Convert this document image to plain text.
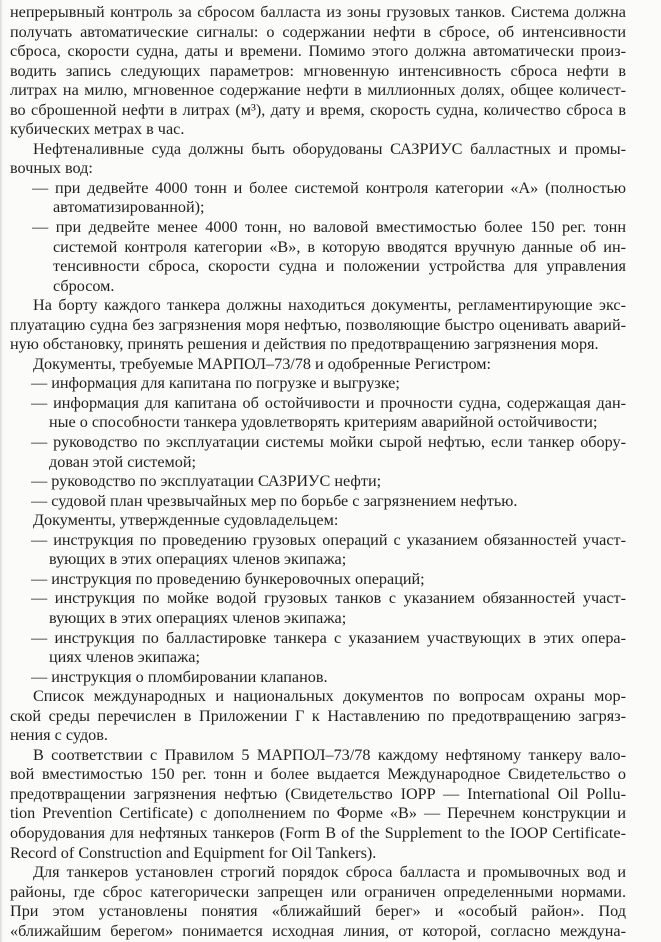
непрерывный контроль за сбросом балласта из зоны грузовых танков. Система должна
получать автоматические сигналы: о содержании нефти в сбросе, об интенсивности
сброса, скорости судна, даты и времени. Помимо этого должна автоматически произ-
водить запись следующих параметров: мгновенную интенсивность сброса нефти в
литрах на милю, мгновенное содержание нефти в миллионных долях, общее количест-
во сброшенной нефти в литрах (м³), дату и время, скорость судна, количество сброса в
кубических метрах в час.
Нефтеналивные суда должны быть оборудованы САЗРИУС балластных и промы-
вочных вод:
— при дедвейте 4000 тонн и более системой контроля категории «А» (полностью
автоматизированной);
— при дедвейте менее 4000 тонн, но валовой вместимостью более 150 рег. тонн
системой контроля категории «В», в которую вводятся вручную данные об ин-
тенсивности сброса, скорости судна и положении устройства для управления
сбросом.
На борту каждого танкера должны находиться документы, регламентирующие экс-
плуатацию судна без загрязнения моря нефтью, позволяющие быстро оценивать аварий-
ную обстановку, принять решения и действия по предотвращению загрязнения моря.
Документы, требуемые МАРПОЛ–73/78 и одобренные Регистром:
— информация для капитана по погрузке и выгрузке;
— информация для капитана об остойчивости и прочности судна, содержащая дан-
ные о способности танкера удовлетворять критериям аварийной остойчивости;
— руководство по эксплуатации системы мойки сырой нефтью, если танкер обору-
дован этой системой;
— руководство по эксплуатации САЗРИУС нефти;
— судовой план чрезвычайных мер по борьбе с загрязнением нефтью.
Документы, утвержденные судовладельцем:
— инструкция по проведению грузовых операций с указанием обязанностей участ-
вующих в этих операциях членов экипажа;
— инструкция по проведению бункеровочных операций;
— инструкция по мойке водой грузовых танков с указанием обязанностей участ-
вующих в этих операциях членов экипажа;
— инструкция по балластировке танкера с указанием участвующих в этих опера-
циях членов экипажа;
— инструкция о пломбировании клапанов.
Список международных и национальных документов по вопросам охраны мор-
ской среды перечислен в Приложении Г к Наставлению по предотвращению загряз-
нения с судов.
В соответствии с Правилом 5 МАРПОЛ–73/78 каждому нефтяному танкеру вало-
вой вместимостью 150 рег. тонн и более выдается Международное Свидетельство о
предотвращении загрязнения нефтью (Свидетельство IOPP — International Oil Pollu-
tion Prevention Certificate) с дополнением по Форме «В» — Перечнем конструкции и
оборудования для нефтяных танкеров (Form B of the Supplement to the IOOP Certificate-
Record of Construction and Equipment for Oil Tankers).
Для танкеров установлен строгий порядок сброса балласта и промывочных вод и
районы, где сброс категорически запрещен или ограничен определенными нормами.
При этом установлены понятия «ближайший берег» и «особый район». Под
«ближайшим берегом» понимается исходная линия, от которой, согласно междуна-
